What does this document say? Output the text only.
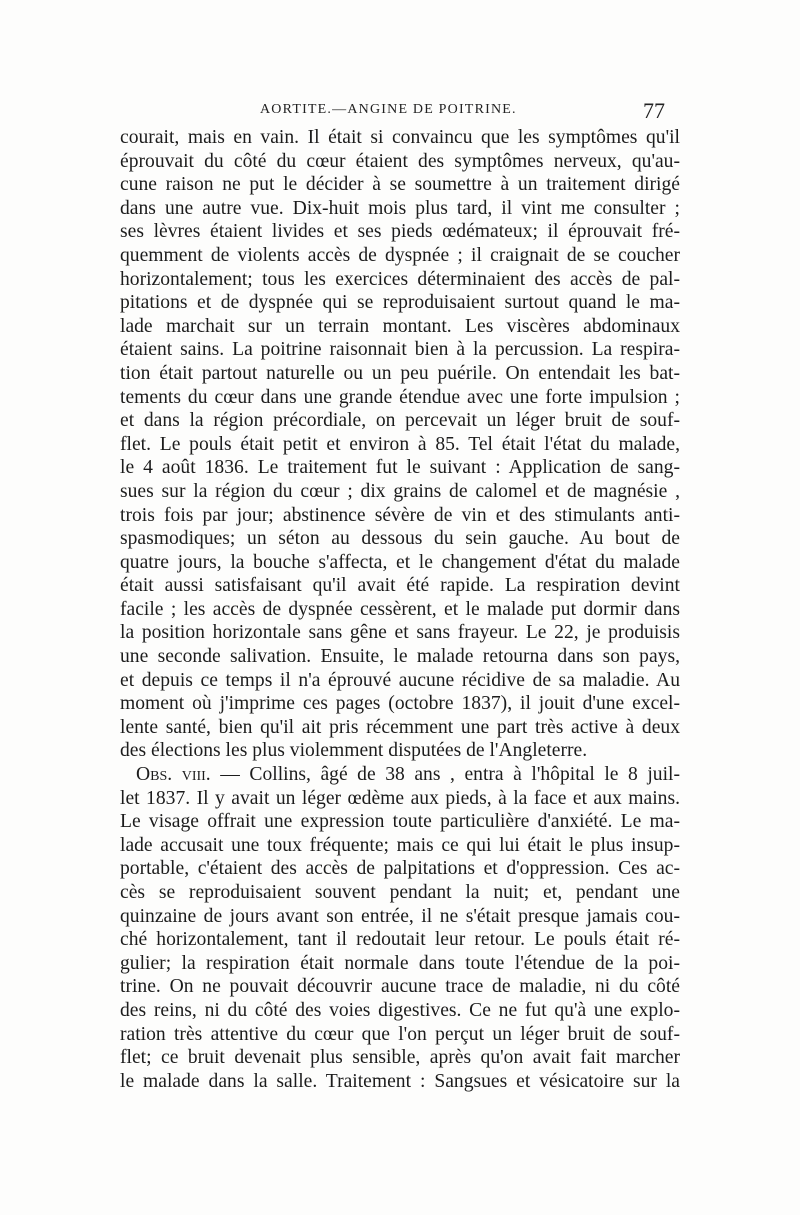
AORTITE.—ANGINE DE POITRINE.	77
courait, mais en vain. Il était si convaincu que les symptômes qu'il
éprouvait du côté du cœur étaient des symptômes nerveux, qu'au-
cune raison ne put le décider à se soumettre à un traitement dirigé
dans une autre vue. Dix-huit mois plus tard, il vint me consulter ;
ses lèvres étaient livides et ses pieds œdémateux; il éprouvait fré-
quemment de violents accès de dyspnée ; il craignait de se coucher
horizontalement; tous les exercices déterminaient des accès de pal-
pitations et de dyspnée qui se reproduisaient surtout quand le ma-
lade marchait sur un terrain montant. Les viscères abdominaux
étaient sains. La poitrine raisonnait bien à la percussion. La respira-
tion était partout naturelle ou un peu puérile. On entendait les bat-
tements du cœur dans une grande étendue avec une forte impulsion ;
et dans la région précordiale, on percevait un léger bruit de souf-
flet. Le pouls était petit et environ à 85. Tel était l'état du malade,
le 4 août 1836. Le traitement fut le suivant : Application de sang-
sues sur la région du cœur ; dix grains de calomel et de magnésie ,
trois fois par jour; abstinence sévère de vin et des stimulants anti-
spasmodiques; un séton au dessous du sein gauche. Au bout de
quatre jours, la bouche s'affecta, et le changement d'état du malade
était aussi satisfaisant qu'il avait été rapide. La respiration devint
facile ; les accès de dyspnée cessèrent, et le malade put dormir dans
la position horizontale sans gêne et sans frayeur. Le 22, je produisis
une seconde salivation. Ensuite, le malade retourna dans son pays,
et depuis ce temps il n'a éprouvé aucune récidive de sa maladie. Au
moment où j'imprime ces pages (octobre 1837), il jouit d'une excel-
lente santé, bien qu'il ait pris récemment une part très active à deux
des élections les plus violemment disputées de l'Angleterre.
Obs. viii. — Collins, âgé de 38 ans , entra à l'hôpital le 8 juil-
let 1837. Il y avait un léger œdème aux pieds, à la face et aux mains.
Le visage offrait une expression toute particulière d'anxiété. Le ma-
lade accusait une toux fréquente; mais ce qui lui était le plus insup-
portable, c'étaient des accès de palpitations et d'oppression. Ces ac-
cès se reproduisaient souvent pendant la nuit; et, pendant une
quinzaine de jours avant son entrée, il ne s'était presque jamais cou-
ché horizontalement, tant il redoutait leur retour. Le pouls était ré-
gulier; la respiration était normale dans toute l'étendue de la poi-
trine. On ne pouvait découvrir aucune trace de maladie, ni du côté
des reins, ni du côté des voies digestives. Ce ne fut qu'à une explo-
ration très attentive du cœur que l'on perçut un léger bruit de souf-
flet; ce bruit devenait plus sensible, après qu'on avait fait marcher
le malade dans la salle. Traitement : Sangsues et vésicatoire sur la
